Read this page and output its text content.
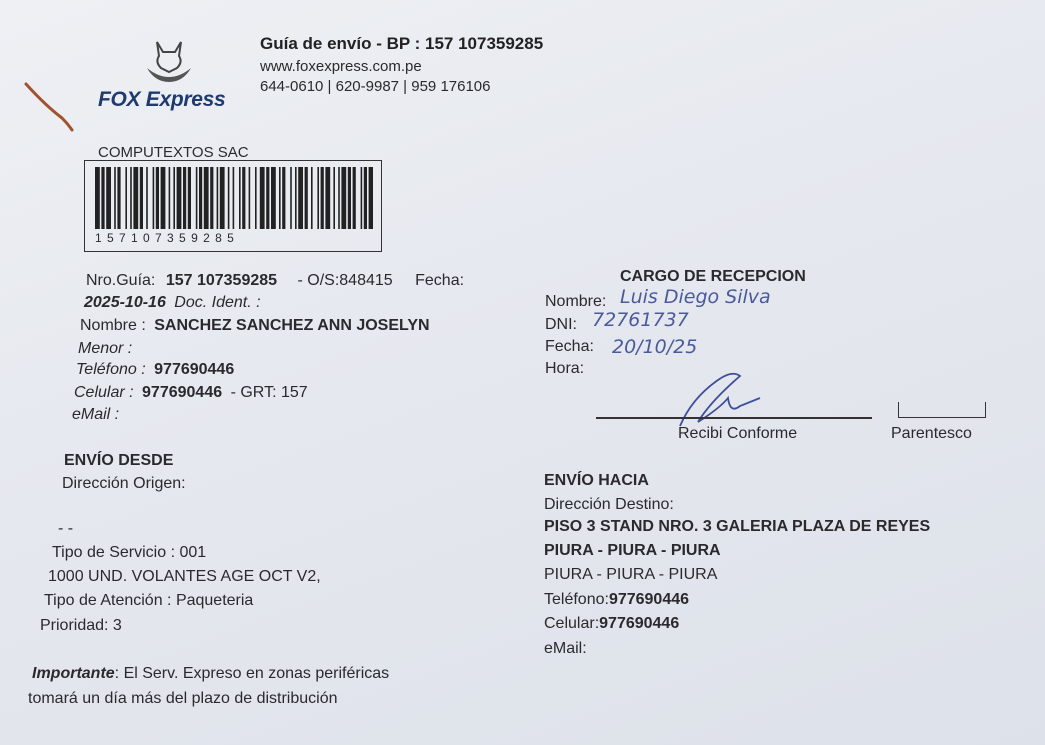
FOX Express
Guía de envío - BP : 157 107359285
www.foxexpress.com.pe
644-0610 | 620-9987 | 959 176106
COMPUTEXTOS SAC
1 5 7 1 0 7 3 5 9 2 8 5
Nro.Guía: 157 107359285 - O/S:848415 Fecha:
2025-10-16 Doc. Ident. :
Nombre : SANCHEZ SANCHEZ ANN JOSELYN
Menor :
Teléfono : 977690446
Celular : 977690446 - GRT: 157
eMail :
CARGO DE RECEPCION
Nombre: Luis Diego Silva
DNI: 72761737
Fecha: 20/10/25
Hora:
Recibi Conforme	Parentesco
ENVÍO DESDE
Dirección Origen:
- -
Tipo de Servicio : 001
1000 UND. VOLANTES AGE OCT V2,
Tipo de Atención : Paqueteria
Prioridad: 3
ENVÍO HACIA
Dirección Destino:
PISO 3 STAND NRO. 3 GALERIA PLAZA DE REYES
PIURA - PIURA - PIURA
PIURA - PIURA - PIURA
Teléfono:977690446
Celular:977690446
eMail:
Importante: El Serv. Expreso en zonas periféricas
tomará un día más del plazo de distribución
